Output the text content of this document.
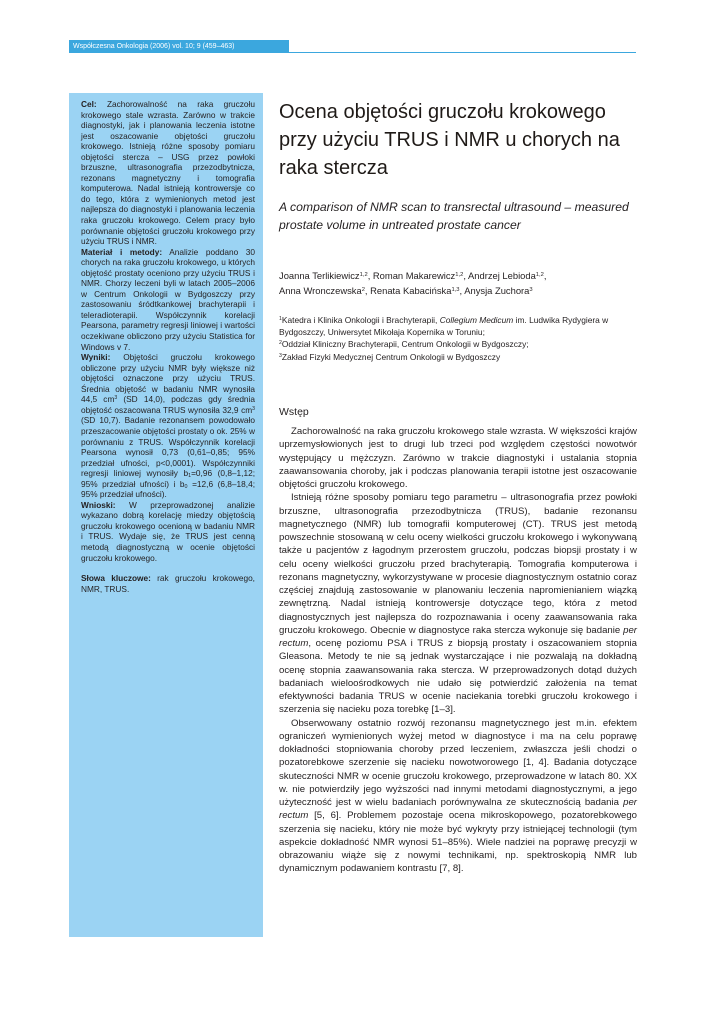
Współczesna Onkologia (2006) vol. 10; 9 (459–463)

Cel: Zachorowalność na raka gruczołu krokowego stale wzrasta. Zarówno w trakcie diagnostyki, jak i planowania leczenia istotne jest oszacowanie objętości gruczołu krokowego. Istnieją różne sposoby pomiaru objętości stercza – USG przez powłoki brzuszne, ultrasonografia przezodbytnicza, rezonans magnetyczny i tomografia komputerowa. Nadal istnieją kontrowersje co do tego, która z wymienionych metod jest najlepsza do diagnostyki i planowania leczenia raka gruczołu krokowego. Celem pracy było porównanie objętości gruczołu krokowego przy użyciu TRUS i NMR.

Materiał i metody: Analizie poddano 30 chorych na raka gruczołu krokowego, u których objętość prostaty oceniono przy użyciu TRUS i NMR. Chorzy leczeni byli w latach 2005–2006 w Centrum Onkologii w Bydgoszczy przy zastosowaniu śródtkankowej brachyterapii i teleradioterapii. Współczynnik korelacji Pearsona, parametry regresji liniowej i wartości oczekiwane obliczono przy użyciu Statistica for Windows v 7.

Wyniki: Objętości gruczołu krokowego obliczone przy użyciu NMR były większe niż objętości oznaczone przy użyciu TRUS. Średnia objętość w badaniu NMR wynosiła 44,5 $cm^3$ (SD 14,0), podczas gdy średnia objętość oszacowana TRUS wynosiła 32,9 $cm^3$ (SD 10,7). Badanie rezonansem powodowało przeszacowanie objętości prostaty o ok. 25% w porównaniu z TRUS. Współczynnik korelacji Pearsona wynosił 0,73 (0,61–0,85; 95% przedział ufności, p<0,0001). Współczynniki regresji liniowej wynosiły $b_1=0,96$ (0,8–1,12; 95% przedział ufności) i $b_0 =12,6$ (6,8–18,4; 95% przedział ufności).

Wnioski: W przeprowadzonej analizie wykazano dobrą korelację miedzy objętością gruczołu krokowego ocenioną w badaniu NMR i TRUS. Wydaje się, że TRUS jest cenną metodą diagnostyczną w ocenie objętości gruczołu krokowego.

Słowa kluczowe: rak gruczołu krokowego, NMR, TRUS.

Ocena objętości gruczołu krokowego przy użyciu TRUS i NMR u chorych na raka stercza

A comparison of NMR scan to transrectal ultrasound – measured prostate volume in untreated prostate cancer

Joanna Terlikiewicz$^{1,2}$, Roman Makarewicz$^{1,2}$, Andrzej Lebioda$^{1,2}$,
Anna Wronczewska$^2$, Renata Kabacińska$^{1,3}$, Anysja Zuchora$^3$

$^1$Katedra i Klinika Onkologii i Brachyterapii, Collegium Medicum im. Ludwika Rydygiera w Bydgoszczy, Uniwersytet Mikołaja Kopernika w Toruniu;

$^2$Oddział Kliniczny Brachyterapii, Centrum Onkologii w Bydgoszczy;

$^3$Zakład Fizyki Medycznej Centrum Onkologii w Bydgoszczy

Wstęp

Zachorowalność na raka gruczołu krokowego stale wzrasta. W większości krajów uprzemysłowionych jest to drugi lub trzeci pod względem częstości nowotwór występujący u mężczyzn. Zarówno w trakcie diagnostyki i ustalania stopnia zaawansowania choroby, jak i podczas planowania terapii istotne jest oszacowanie objętości gruczołu krokowego.

Istnieją różne sposoby pomiaru tego parametru – ultrasonografia przez powłoki brzuszne, ultrasonografia przezodbytnicza (TRUS), badanie rezonansu magnetycznego (NMR) lub tomografii komputerowej (CT). TRUS jest metodą powszechnie stosowaną w celu oceny wielkości gruczołu krokowego i wykonywaną także u pacjentów z łagodnym przerostem gruczołu, podczas biopsji prostaty i w celu oceny wielkości gruczołu przed brachyterapią. Tomografia komputerowa i rezonans magnetyczny, wykorzystywane w procesie diagnostycznym ostatnio coraz częściej znajdują zastosowanie w planowaniu leczenia napromienianiem wiązką zewnętrzną. Nadal istnieją kontrowersje dotyczące tego, która z metod diagnostycznych jest najlepsza do rozpoznawania i oceny zaawansowania raka gruczołu krokowego. Obecnie w diagnostyce raka stercza wykonuje się badanie per rectum, ocenę poziomu PSA i TRUS z biopsją prostaty i oszacowaniem stopnia Gleasona. Metody te nie są jednak wystarczające i nie pozwalają na dokładną ocenę stopnia zaawansowania raka stercza. W przeprowadzonych dotąd dużych badaniach wieloośrodkowych nie udało się potwierdzić założenia na temat efektywności badania TRUS w ocenie naciekania torebki gruczołu krokowego i szerzenia się nacieku poza torebkę [1–3].

Obserwowany ostatnio rozwój rezonansu magnetycznego jest m.in. efektem ograniczeń wymienionych wyżej metod w diagnostyce i ma na celu poprawę dokładności stopniowania choroby przed leczeniem, zwłaszcza jeśli chodzi o pozatorebkowe szerzenie się nacieku nowotworowego [1, 4]. Badania dotyczące skuteczności NMR w ocenie gruczołu krokowego, przeprowadzone w latach 80. XX w. nie potwierdziły jego wyższości nad innymi metodami diagnostycznymi, a jego użyteczność jest w wielu badaniach porównywalna ze skutecznością badania per rectum [5, 6]. Problemem pozostaje ocena mikroskopowego, pozatorebkowego szerzenia się nacieku, który nie może być wykryty przy istniejącej technologii (tym aspekcie dokładność NMR wynosi 51–85%). Wiele nadziei na poprawę precyzji w obrazowaniu wiąże się z nowymi technikami, np. spektroskopią NMR lub dynamicznym podawaniem kontrastu [7, 8].

459
